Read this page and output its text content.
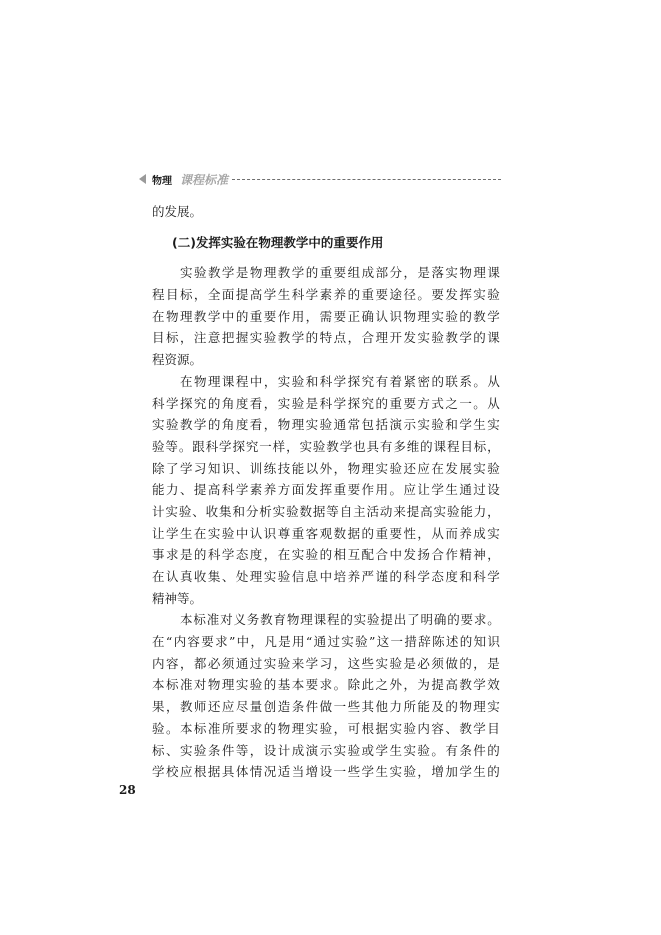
物理 课程标准
的发展。
(二)发挥实验在物理教学中的重要作用
实 验 教 学 是 物 理 教 学 的 重 要 组 成 部 分 ， 是 落 实 物 理 课
程 目 标 ， 全 面 提 高 学 生 科 学 素 养 的 重 要 途 径 。 要 发 挥 实 验
在 物 理 教 学 中 的 重 要 作 用 ， 需 要 正 确 认 识 物 理 实 验 的 教 学
目 标 ， 注 意 把 握 实 验 教 学 的 特 点 ， 合 理 开 发 实 验 教 学 的 课
程资源。
在 物 理 课 程 中 ， 实 验 和 科 学 探 究 有 着 紧 密 的 联 系 。 从
科 学 探 究 的 角 度 看 ， 实 验 是 科 学 探 究 的 重 要 方 式 之 一 。 从
实 验 教 学 的 角 度 看 ， 物 理 实 验 通 常 包 括 演 示 实 验 和 学 生 实
验 等 。 跟 科 学 探 究 一 样 ， 实 验 教 学 也 具 有 多 维 的 课 程 目 标 ，
除 了 学 习 知 识 、 训 练 技 能 以 外 ， 物 理 实 验 还 应 在 发 展 实 验
能 力 、 提 高 科 学 素 养 方 面 发 挥 重 要 作 用 。 应 让 学 生 通 过 设
计 实 验 、 收 集 和 分 析 实 验 数 据 等 自 主 活 动 来 提 高 实 验 能 力 ，
让 学 生 在 实 验 中 认 识 尊 重 客 观 数 据 的 重 要 性 ， 从 而 养 成 实
事 求 是 的 科 学 态 度 ， 在 实 验 的 相 互 配 合 中 发 扬 合 作 精 神 ，
在 认 真 收 集 、 处 理 实 验 信 息 中 培 养 严 谨 的 科 学 态 度 和 科 学
精神等。
本 标 准 对 义 务 教 育 物 理 课 程 的 实 验 提 出 了 明 确 的 要 求 。
在 “ 内 容 要 求 ” 中 ， 凡 是 用 “ 通 过 实 验 ” 这 一 措 辞 陈 述 的 知 识
内 容 ， 都 必 须 通 过 实 验 来 学 习 ， 这 些 实 验 是 必 须 做 的 ， 是
本 标 准 对 物 理 实 验 的 基 本 要 求 。 除 此 之 外 ， 为 提 高 教 学 效
果 ， 教 师 还 应 尽 量 创 造 条 件 做 一 些 其 他 力 所 能 及 的 物 理 实
验 。 本 标 准 所 要 求 的 物 理 实 验 ， 可 根 据 实 验 内 容 、 教 学 目
标 、 实 验 条 件 等 ， 设 计 成 演 示 实 验 或 学 生 实 验 。 有 条 件 的
学 校 应 根 据 具 体 情 况 适 当 增 设 一 些 学 生 实 验 ， 增 加 学 生 的
28
